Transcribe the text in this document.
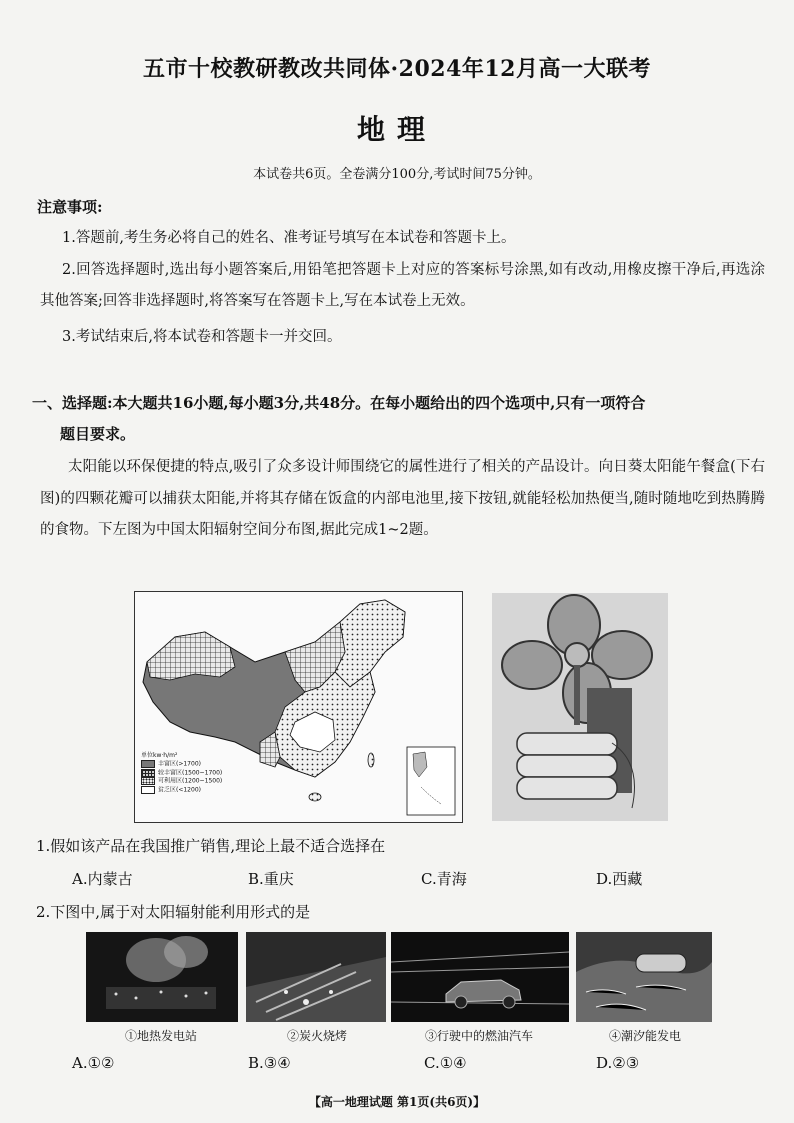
五市十校教研教改共同体·2024年12月高一大联考
地理
本试卷共6页。全卷满分100分,考试时间75分钟。
注意事项:
1.答题前,考生务必将自己的姓名、准考证号填写在本试卷和答题卡上。
2.回答选择题时,选出每小题答案后,用铅笔把答题卡上对应的答案标号涂黑,如有改动,用橡皮擦干净后,再选涂其他答案;回答非选择题时,将答案写在答题卡上,写在本试卷上无效。
3.考试结束后,将本试卷和答题卡一并交回。
一、选择题:本大题共16小题,每小题3分,共48分。在每小题给出的四个选项中,只有一项符合
题目要求。
太阳能以环保便捷的特点,吸引了众多设计师围绕它的属性进行了相关的产品设计。向日葵太阳能午餐盒(下右图)的四颗花瓣可以捕获太阳能,并将其存储在饭盒的内部电池里,接下按钮,就能轻松加热便当,随时随地吃到热腾腾的食物。下左图为中国太阳辐射空间分布图,据此完成1~2题。
单位kw·h/m²
丰富区(>1700)
较丰富区(1500~1700)
可利用区(1200~1500)
贫乏区(<1200)
1.假如该产品在我国推广销售,理论上最不适合选择在
A.内蒙古	B.重庆	C.青海	D.西藏
2.下图中,属于对太阳辐射能利用形式的是
①地热发电站	②炭火烧烤	③行驶中的燃油汽车	④潮汐能发电
A.①②	B.③④	C.①④	D.②③
【高一地理试题 第1页(共6页)】
